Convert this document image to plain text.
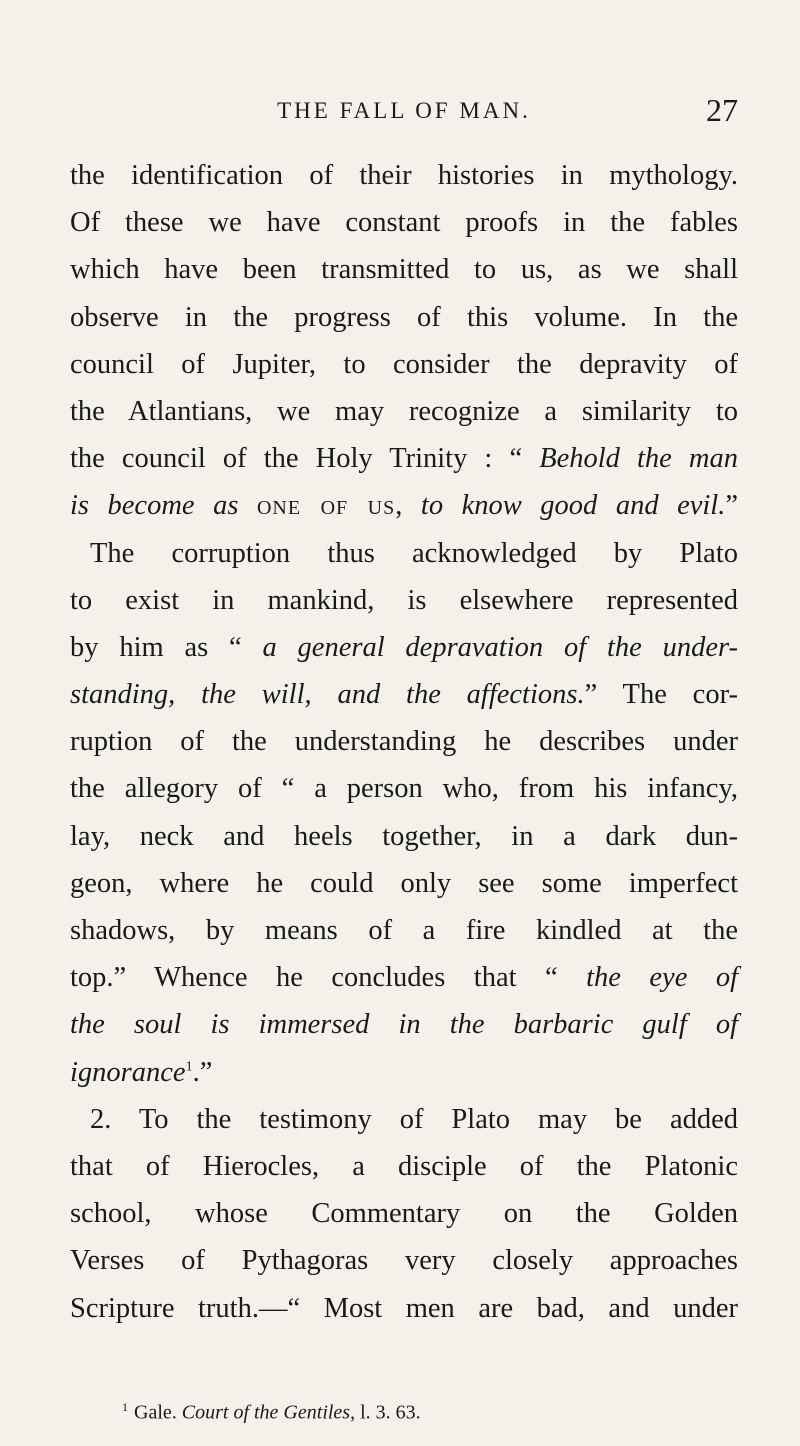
THE FALL OF MAN.	27
the identification of their histories in mythology.
Of these we have constant proofs in the fables
which have been transmitted to us, as we shall
observe in the progress of this volume. In the
council of Jupiter, to consider the depravity of
the Atlantians, we may recognize a similarity to
the council of the Holy Trinity : “ Behold the man
is become as one of us, to know good and evil.”
The corruption thus acknowledged by Plato
to exist in mankind, is elsewhere represented
by him as “ a general depravation of the under-
standing, the will, and the affections.” The cor-
ruption of the understanding he describes under
the allegory of “ a person who, from his infancy,
lay, neck and heels together, in a dark dun-
geon, where he could only see some imperfect
shadows, by means of a fire kindled at the
top.” Whence he concludes that “ the eye of
the soul is immersed in the barbaric gulf of
ignorance$^1$.”
2. To the testimony of Plato may be added
that of Hierocles, a disciple of the Platonic
school, whose Commentary on the Golden
Verses of Pythagoras very closely approaches
Scripture truth.—“ Most men are bad, and under
$^1$ Gale. Court of the Gentiles, l. 3. 63.
